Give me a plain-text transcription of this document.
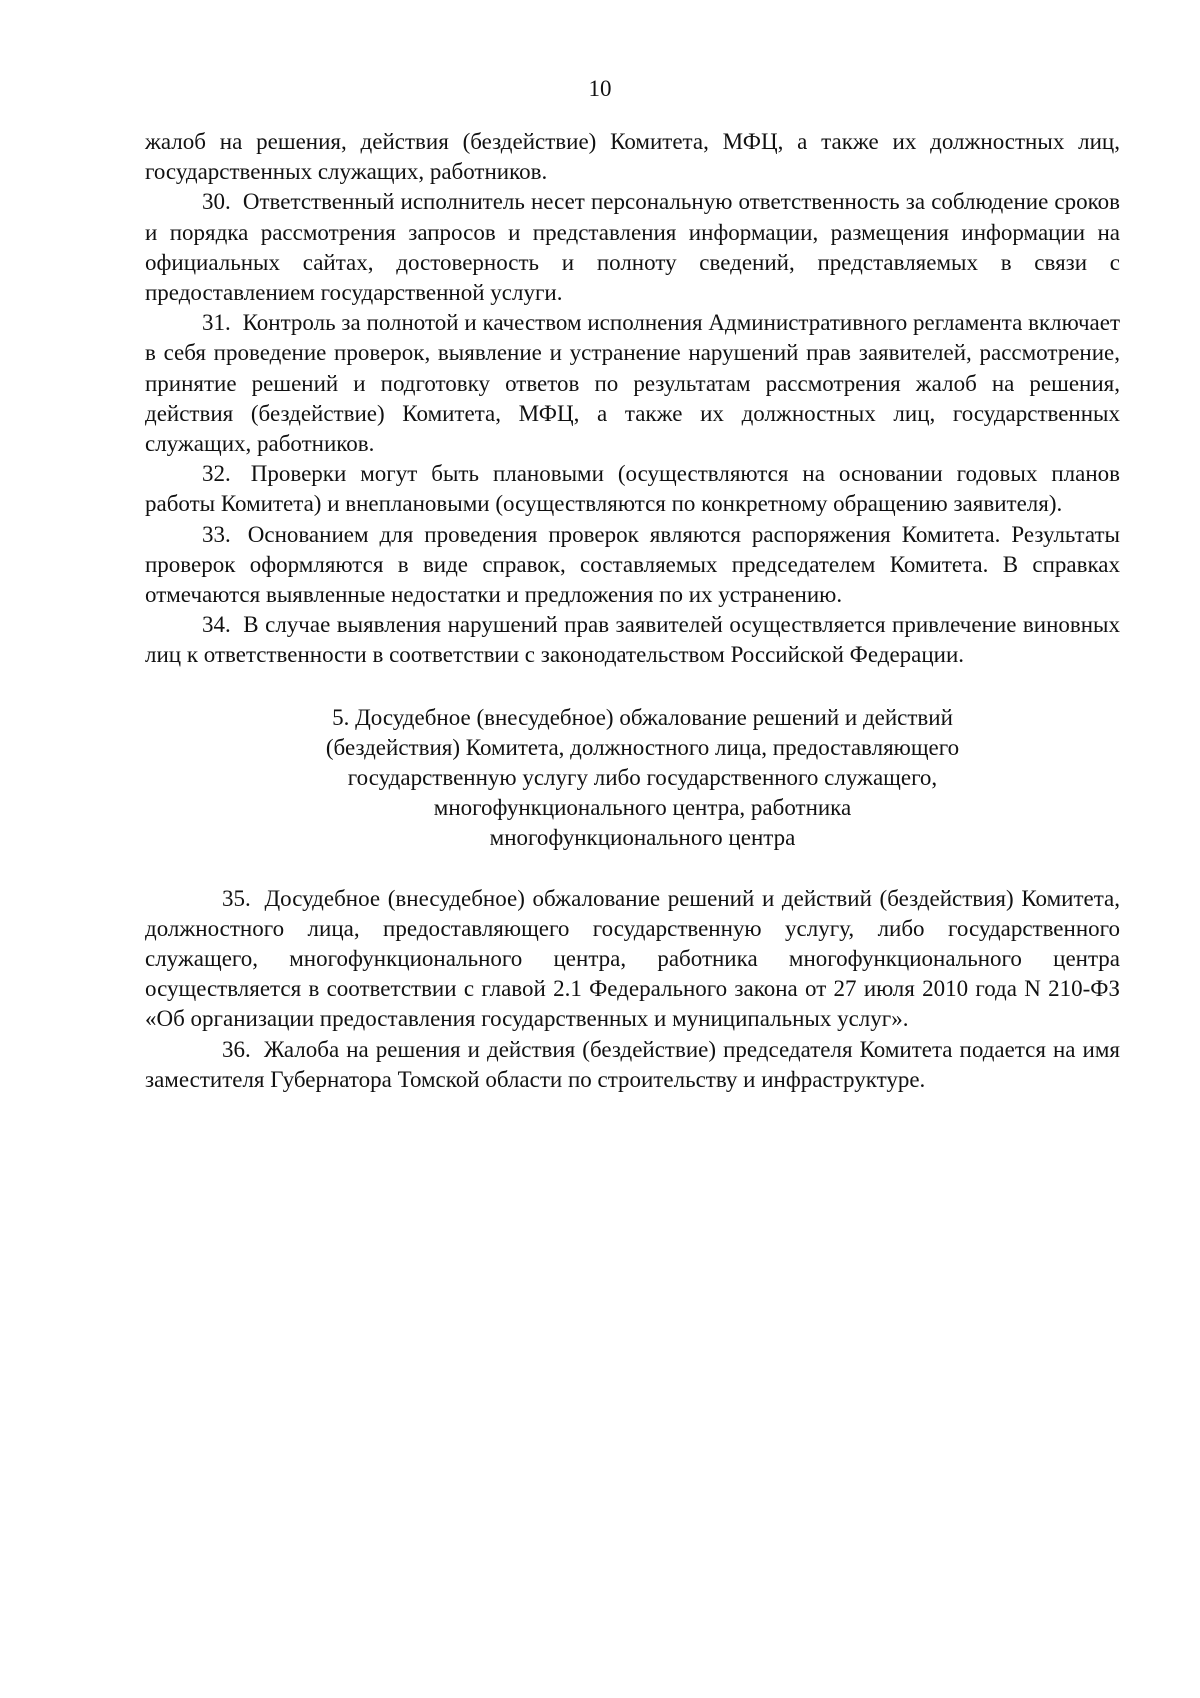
10

жалоб на решения, действия (бездействие) Комитета, МФЦ, а также их должностных лиц, государственных служащих, работников.

30. Ответственный исполнитель несет персональную ответственность за соблюдение сроков и порядка рассмотрения запросов и представления информации, размещения информации на официальных сайтах, достоверность и полноту сведений, представляемых в связи с предоставлением государственной услуги.

31. Контроль за полнотой и качеством исполнения Административного регламента включает в себя проведение проверок, выявление и устранение нарушений прав заявителей, рассмотрение, принятие решений и подготовку ответов по результатам рассмотрения жалоб на решения, действия (бездействие) Комитета, МФЦ, а также их должностных лиц, государственных служащих, работников.

32. Проверки могут быть плановыми (осуществляются на основании годовых планов работы Комитета) и внеплановыми (осуществляются по конкретному обращению заявителя).

33. Основанием для проведения проверок являются распоряжения Комитета. Результаты проверок оформляются в виде справок, составляемых председателем Комитета. В справках отмечаются выявленные недостатки и предложения по их устранению.

34. В случае выявления нарушений прав заявителей осуществляется привлечение виновных лиц к ответственности в соответствии с законодательством Российской Федерации.

5. Досудебное (внесудебное) обжалование решений и действий
(бездействия) Комитета, должностного лица, предоставляющего
государственную услугу либо государственного служащего,
многофункционального центра, работника
многофункционального центра

35. Досудебное (внесудебное) обжалование решений и действий (бездействия) Комитета, должностного лица, предоставляющего государственную услугу, либо государственного служащего, многофункционального центра, работника многофункционального центра осуществляется в соответствии с главой 2.1 Федерального закона от 27 июля 2010 года N 210-ФЗ «Об организации предоставления государственных и муниципальных услуг».

36. Жалоба на решения и действия (бездействие) председателя Комитета подается на имя заместителя Губернатора Томской области по строительству и инфраструктуре.
